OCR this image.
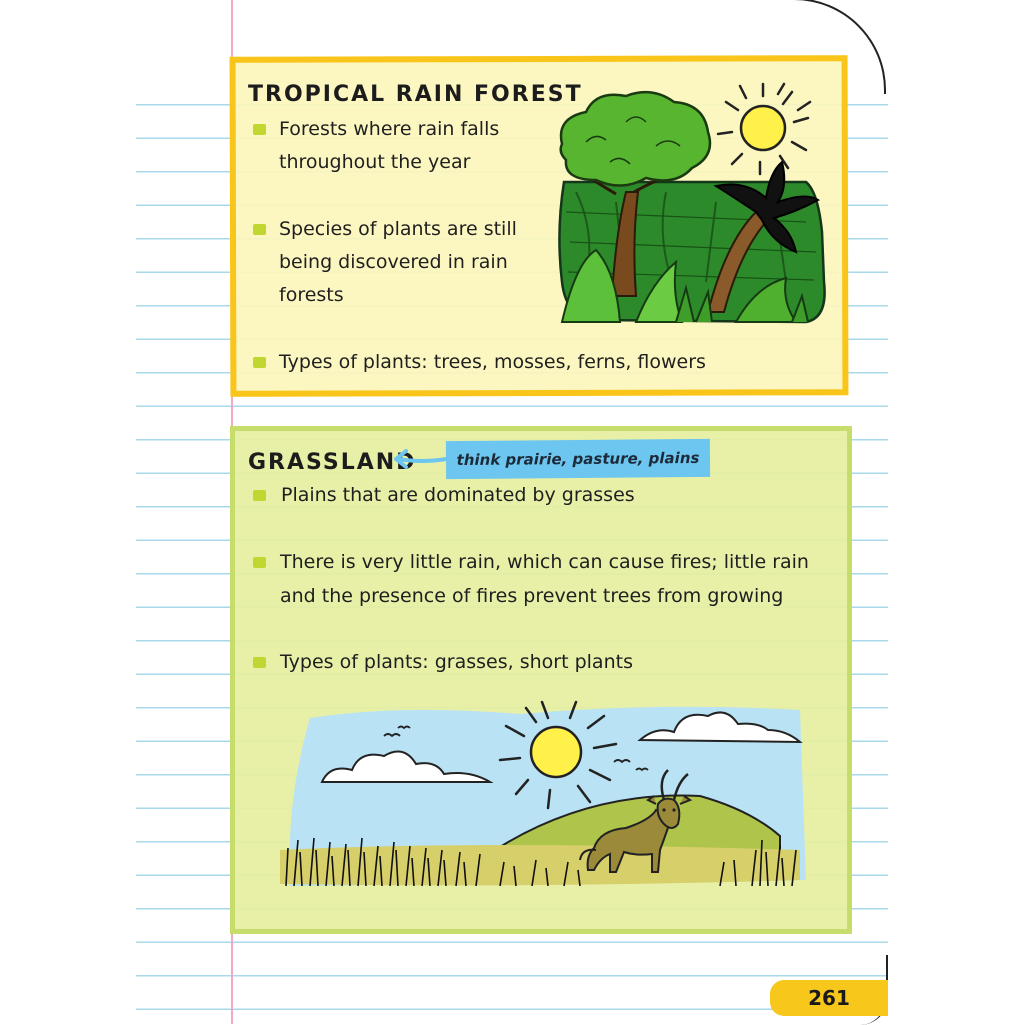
TROPICAL RAIN FOREST

Forests where rain falls

throughout the year

Species of plants are still

being discovered in rain

forests

Types of plants: trees, mosses, ferns, flowers

GRASSLAND	think prairie, pasture, plains

Plains that are dominated by grasses

There is very little rain, which can cause fires; little rain

and the presence of fires prevent trees from growing

Types of plants: grasses, short plants

261
